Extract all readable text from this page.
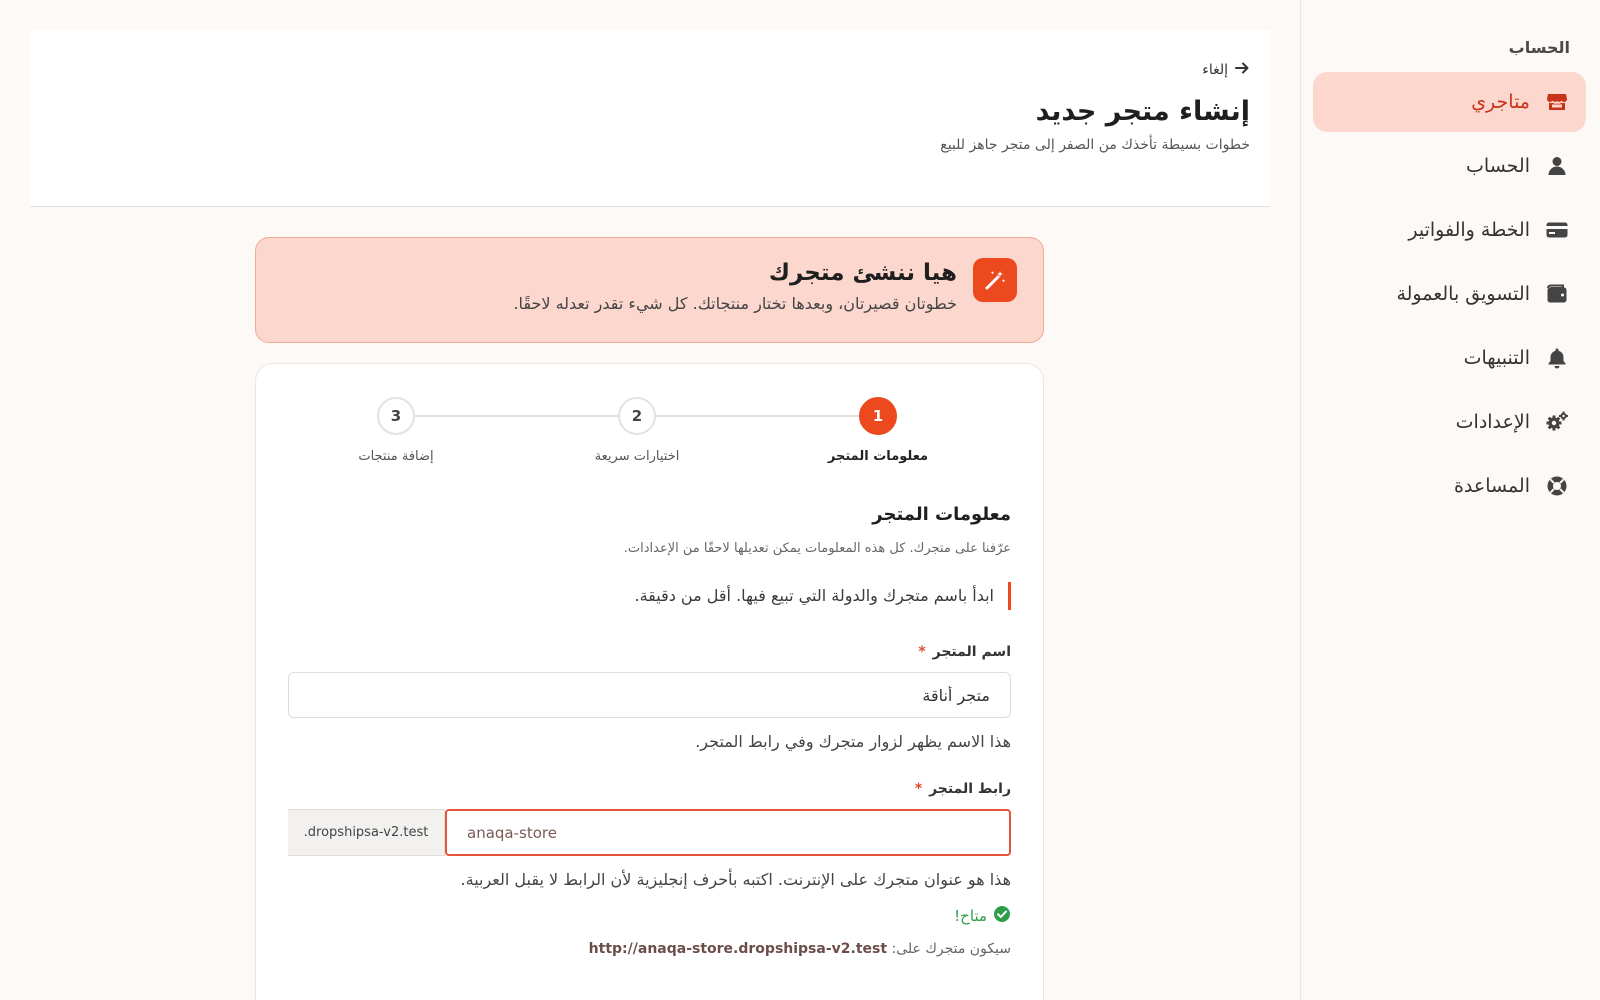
الحساب
متاجري
الحساب
الخطة والفواتير
التسويق بالعمولة
التنبيهات
الإعدادات
المساعدة
إلغاء
إنشاء متجر جديد

خطوات بسيطة تأخذك من الصفر إلى متجر جاهز للبيع

هيا ننشئ متجرك
خطوتان قصيرتان، وبعدها تختار منتجاتك. كل شيء تقدر تعدله لاحقًا.
1
معلومات المتجر
2
اختيارات سريعة
3
إضافة منتجات
معلومات المتجر

عرّفنا على متجرك. كل هذه المعلومات يمكن تعديلها لاحقًا من الإعدادات.

ابدأ باسم متجرك والدولة التي تبيع فيها. أقل من دقيقة.
اسم المتجر *
متجر أناقة

هذا الاسم يظهر لزوار متجرك وفي رابط المتجر.

رابط المتجر *
anaqa-store
.dropshipsa-v2.test

هذا هو عنوان متجرك على الإنترنت. اكتبه بأحرف إنجليزية لأن الرابط لا يقبل العربية.

متاح!

سيكون متجرك على: http://anaqa-store.dropshipsa-v2.test
